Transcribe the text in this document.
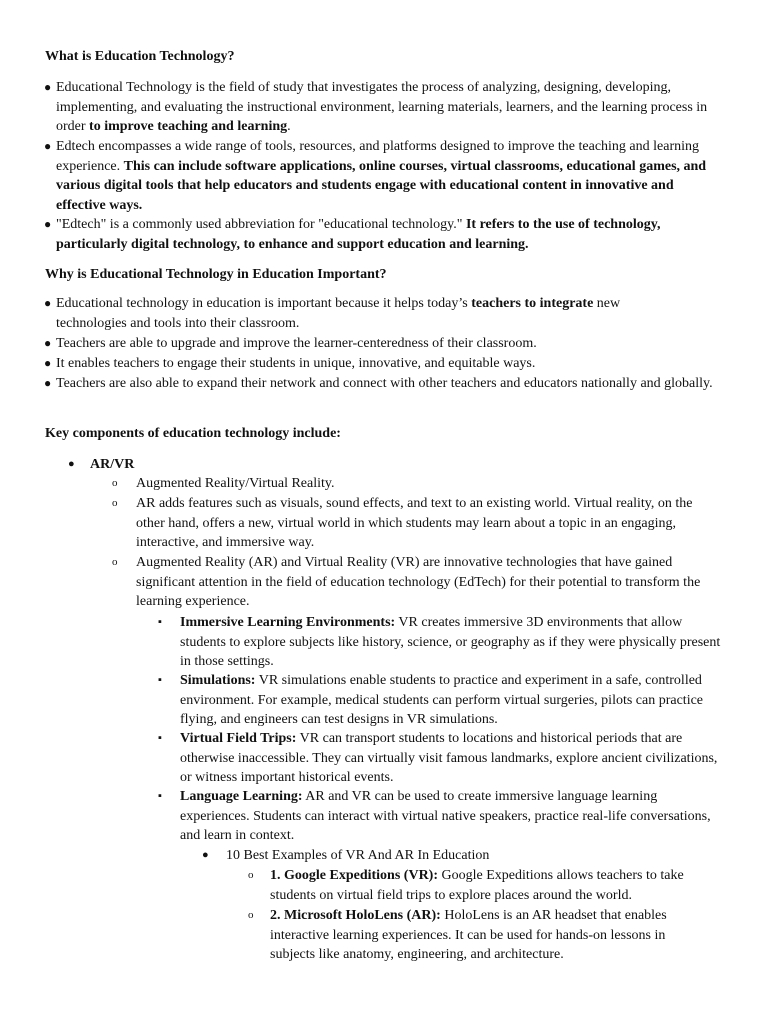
What is Education Technology?
● Educational Technology is the field of study that investigates the process of analyzing, designing, developing, implementing, and evaluating the instructional environment, learning materials, learners, and the learning process in order to improve teaching and learning.
● Edtech encompasses a wide range of tools, resources, and platforms designed to improve the teaching and learning experience. This can include software applications, online courses, virtual classrooms, educational games, and various digital tools that help educators and students engage with educational content in innovative and effective ways.
● "Edtech" is a commonly used abbreviation for "educational technology." It refers to the use of technology, particularly digital technology, to enhance and support education and learning.
Why is Educational Technology in Education Important?
● Educational technology in education is important because it helps today’s teachers to integrate new technologies and tools into their classroom.
● Teachers are able to upgrade and improve the learner-centeredness of their classroom.
● It enables teachers to engage their students in unique, innovative, and equitable ways.
● Teachers are also able to expand their network and connect with other teachers and educators nationally and globally.
Key components of education technology include:
●	AR/VR
o	Augmented Reality/Virtual Reality.
o	AR adds features such as visuals, sound effects, and text to an existing world. Virtual reality, on the other hand, offers a new, virtual world in which students may learn about a topic in an engaging, interactive, and immersive way.
o	Augmented Reality (AR) and Virtual Reality (VR) are innovative technologies that have gained significant attention in the field of education technology (EdTech) for their potential to transform the learning experience.
▪	Immersive Learning Environments: VR creates immersive 3D environments that allow students to explore subjects like history, science, or geography as if they were physically present in those settings.
▪	Simulations: VR simulations enable students to practice and experiment in a safe, controlled environment. For example, medical students can perform virtual surgeries, pilots can practice flying, and engineers can test designs in VR simulations.
▪	Virtual Field Trips: VR can transport students to locations and historical periods that are otherwise inaccessible. They can virtually visit famous landmarks, explore ancient civilizations, or witness important historical events.
▪	Language Learning: AR and VR can be used to create immersive language learning experiences. Students can interact with virtual native speakers, practice real-life conversations, and learn in context.
●	10 Best Examples of VR And AR In Education
o	1. Google Expeditions (VR): Google Expeditions allows teachers to take students on virtual field trips to explore places around the world.
o	2. Microsoft HoloLens (AR): HoloLens is an AR headset that enables interactive learning experiences. It can be used for hands-on lessons in subjects like anatomy, engineering, and architecture.
